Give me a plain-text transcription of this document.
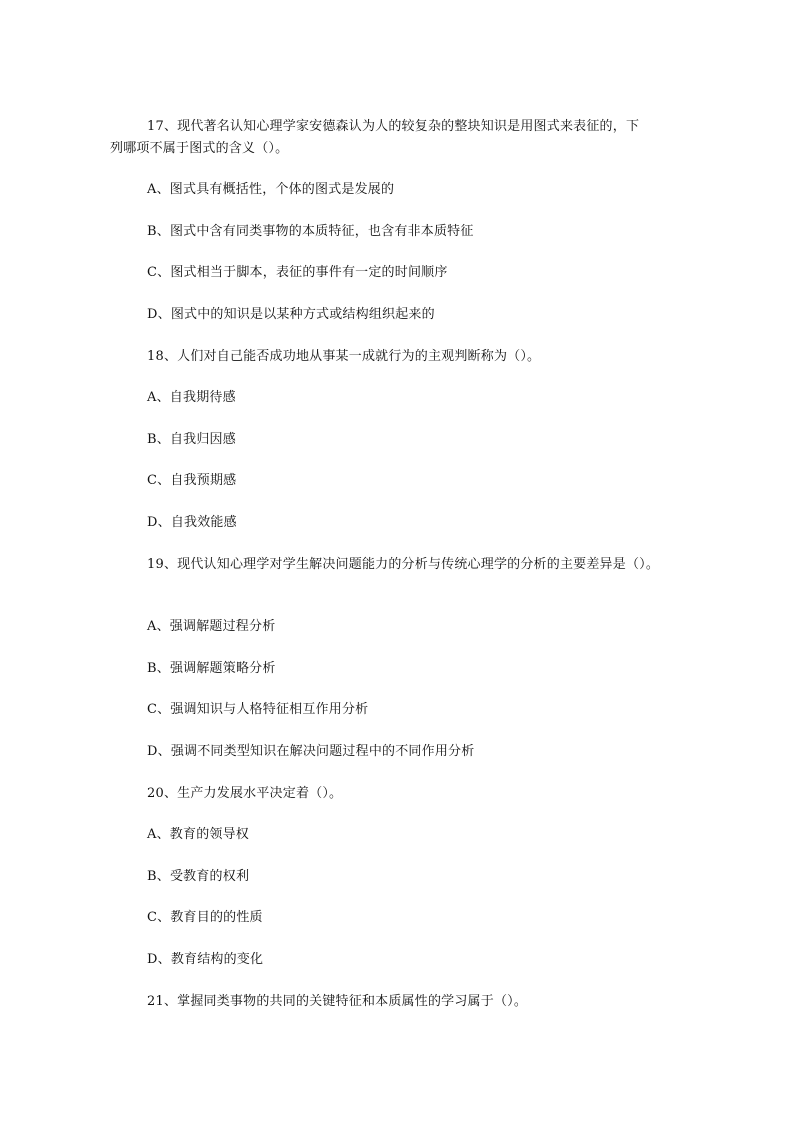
17、现代著名认知心理学家安德森认为人的较复杂的整块知识是用图式来表征的，下
列哪项不属于图式的含义（）。
A、图式具有概括性，个体的图式是发展的
B、图式中含有同类事物的本质特征，也含有非本质特征
C、图式相当于脚本，表征的事件有一定的时间顺序
D、图式中的知识是以某种方式或结构组织起来的
18、人们对自己能否成功地从事某一成就行为的主观判断称为（）。
A、自我期待感
B、自我归因感
C、自我预期感
D、自我效能感
19、现代认知心理学对学生解决问题能力的分析与传统心理学的分析的主要差异是（）。
A、强调解题过程分析
B、强调解题策略分析
C、强调知识与人格特征相互作用分析
D、强调不同类型知识在解决问题过程中的不同作用分析
20、生产力发展水平决定着（）。
A、教育的领导权
B、受教育的权利
C、教育目的的性质
D、教育结构的变化
21、掌握同类事物的共同的关键特征和本质属性的学习属于（）。
